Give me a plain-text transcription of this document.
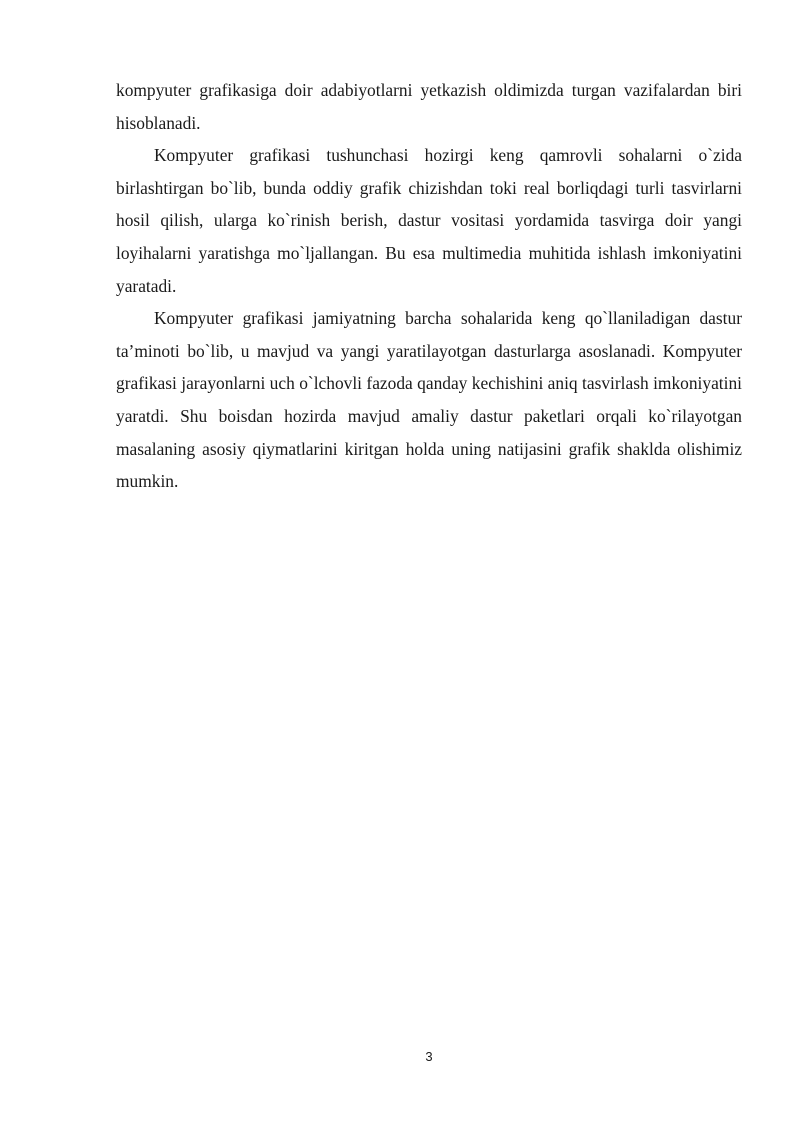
kompyuter grafikasiga doir adabiyotlarni yetkazish oldimizda turgan vazifalardan biri hisoblanadi.

Kompyuter grafikasi tushunchasi hozirgi keng qamrovli sohalarni o`zida birlashtirgan bo`lib, bunda oddiy grafik chizishdan toki real borliqdagi turli tasvirlarni hosil qilish, ularga ko`rinish berish, dastur vositasi yordamida tasvirga doir yangi loyihalarni yaratishga mo`ljallangan. Bu esa multimedia muhitida ishlash imkoniyatini yaratadi.

Kompyuter grafikasi jamiyatning barcha sohalarida keng qo`llaniladigan dastur ta’minoti bo`lib, u mavjud va yangi yaratilayotgan dasturlarga asoslanadi. Kompyuter grafikasi jarayonlarni uch o`lchovli fazoda qanday kechishini aniq tasvirlash imkoniyatini yaratdi. Shu boisdan hozirda mavjud amaliy dastur paketlari orqali ko`rilayotgan masalaning asosiy qiymatlarini kiritgan holda uning natijasini grafik shaklda olishimiz mumkin.

3
